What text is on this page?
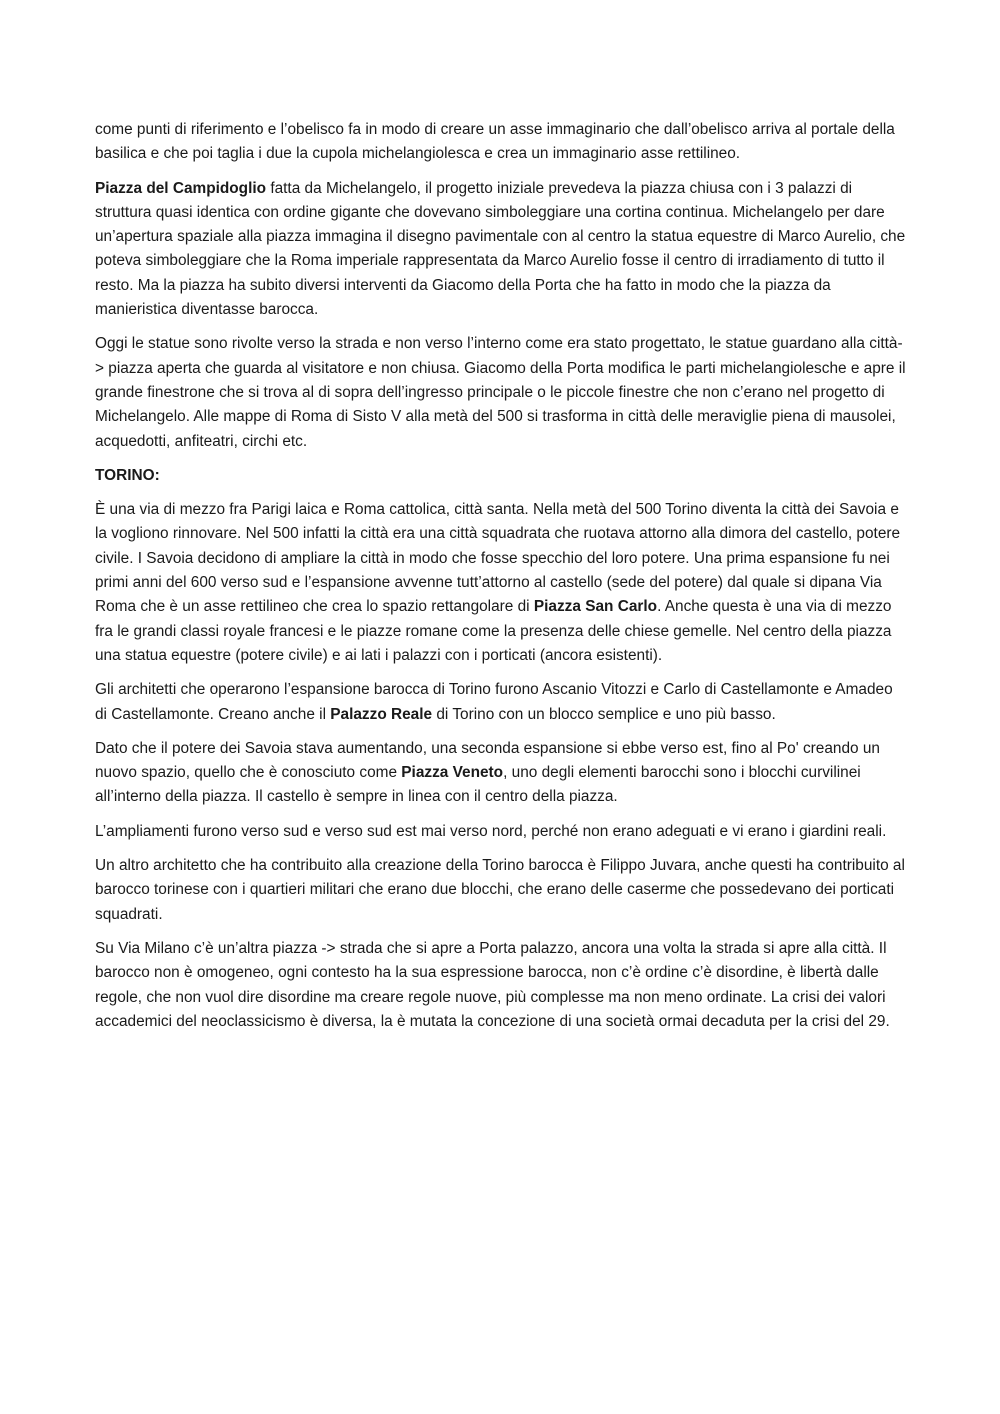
come punti di riferimento e l’obelisco fa in modo di creare un asse immaginario che dall’obelisco arriva al portale della basilica e che poi taglia i due la cupola michelangiolesca e crea un immaginario asse rettilineo.

Piazza del Campidoglio fatta da Michelangelo, il progetto iniziale prevedeva la piazza chiusa con i 3 palazzi di struttura quasi identica con ordine gigante che dovevano simboleggiare una cortina continua. Michelangelo per dare un’apertura spaziale alla piazza immagina il disegno pavimentale con al centro la statua equestre di Marco Aurelio, che poteva simboleggiare che la Roma imperiale rappresentata da Marco Aurelio fosse il centro di irradiamento di tutto il resto. Ma la piazza ha subito diversi interventi da Giacomo della Porta che ha fatto in modo che la piazza da manieristica diventasse barocca.

Oggi le statue sono rivolte verso la strada e non verso l’interno come era stato progettato, le statue guardano alla città-> piazza aperta che guarda al visitatore e non chiusa. Giacomo della Porta modifica le parti michelangiolesche e apre il grande finestrone che si trova al di sopra dell’ingresso principale o le piccole finestre che non c’erano nel progetto di Michelangelo. Alle mappe di Roma di Sisto V alla metà del 500 si trasforma in città delle meraviglie piena di mausolei, acquedotti, anfiteatri, circhi etc.

TORINO:

È una via di mezzo fra Parigi laica e Roma cattolica, città santa. Nella metà del 500 Torino diventa la città dei Savoia e la vogliono rinnovare. Nel 500 infatti la città era una città squadrata che ruotava attorno alla dimora del castello, potere civile. I Savoia decidono di ampliare la città in modo che fosse specchio del loro potere. Una prima espansione fu nei primi anni del 600 verso sud e l’espansione avvenne tutt’attorno al castello (sede del potere) dal quale si dipana Via Roma che è un asse rettilineo che crea lo spazio rettangolare di Piazza San Carlo. Anche questa è una via di mezzo fra le grandi classi royale francesi e le piazze romane come la presenza delle chiese gemelle. Nel centro della piazza una statua equestre (potere civile) e ai lati i palazzi con i porticati (ancora esistenti).

Gli architetti che operarono l’espansione barocca di Torino furono Ascanio Vitozzi e Carlo di Castellamonte e Amadeo di Castellamonte. Creano anche il Palazzo Reale di Torino con un blocco semplice e uno più basso.

Dato che il potere dei Savoia stava aumentando, una seconda espansione si ebbe verso est, fino al Po' creando un nuovo spazio, quello che è conosciuto come Piazza Veneto, uno degli elementi barocchi sono i blocchi curvilinei all’interno della piazza. Il castello è sempre in linea con il centro della piazza.

L’ampliamenti furono verso sud e verso sud est mai verso nord, perché non erano adeguati e vi erano i giardini reali.

Un altro architetto che ha contribuito alla creazione della Torino barocca è Filippo Juvara, anche questi ha contribuito al barocco torinese con i quartieri militari che erano due blocchi, che erano delle caserme che possedevano dei porticati squadrati.

Su Via Milano c’è un’altra piazza -> strada che si apre a Porta palazzo, ancora una volta la strada si apre alla città. Il barocco non è omogeneo, ogni contesto ha la sua espressione barocca, non c’è ordine c’è disordine, è libertà dalle regole, che non vuol dire disordine ma creare regole nuove, più complesse ma non meno ordinate. La crisi dei valori accademici del neoclassicismo è diversa, la è mutata la concezione di una società ormai decaduta per la crisi del 29.
